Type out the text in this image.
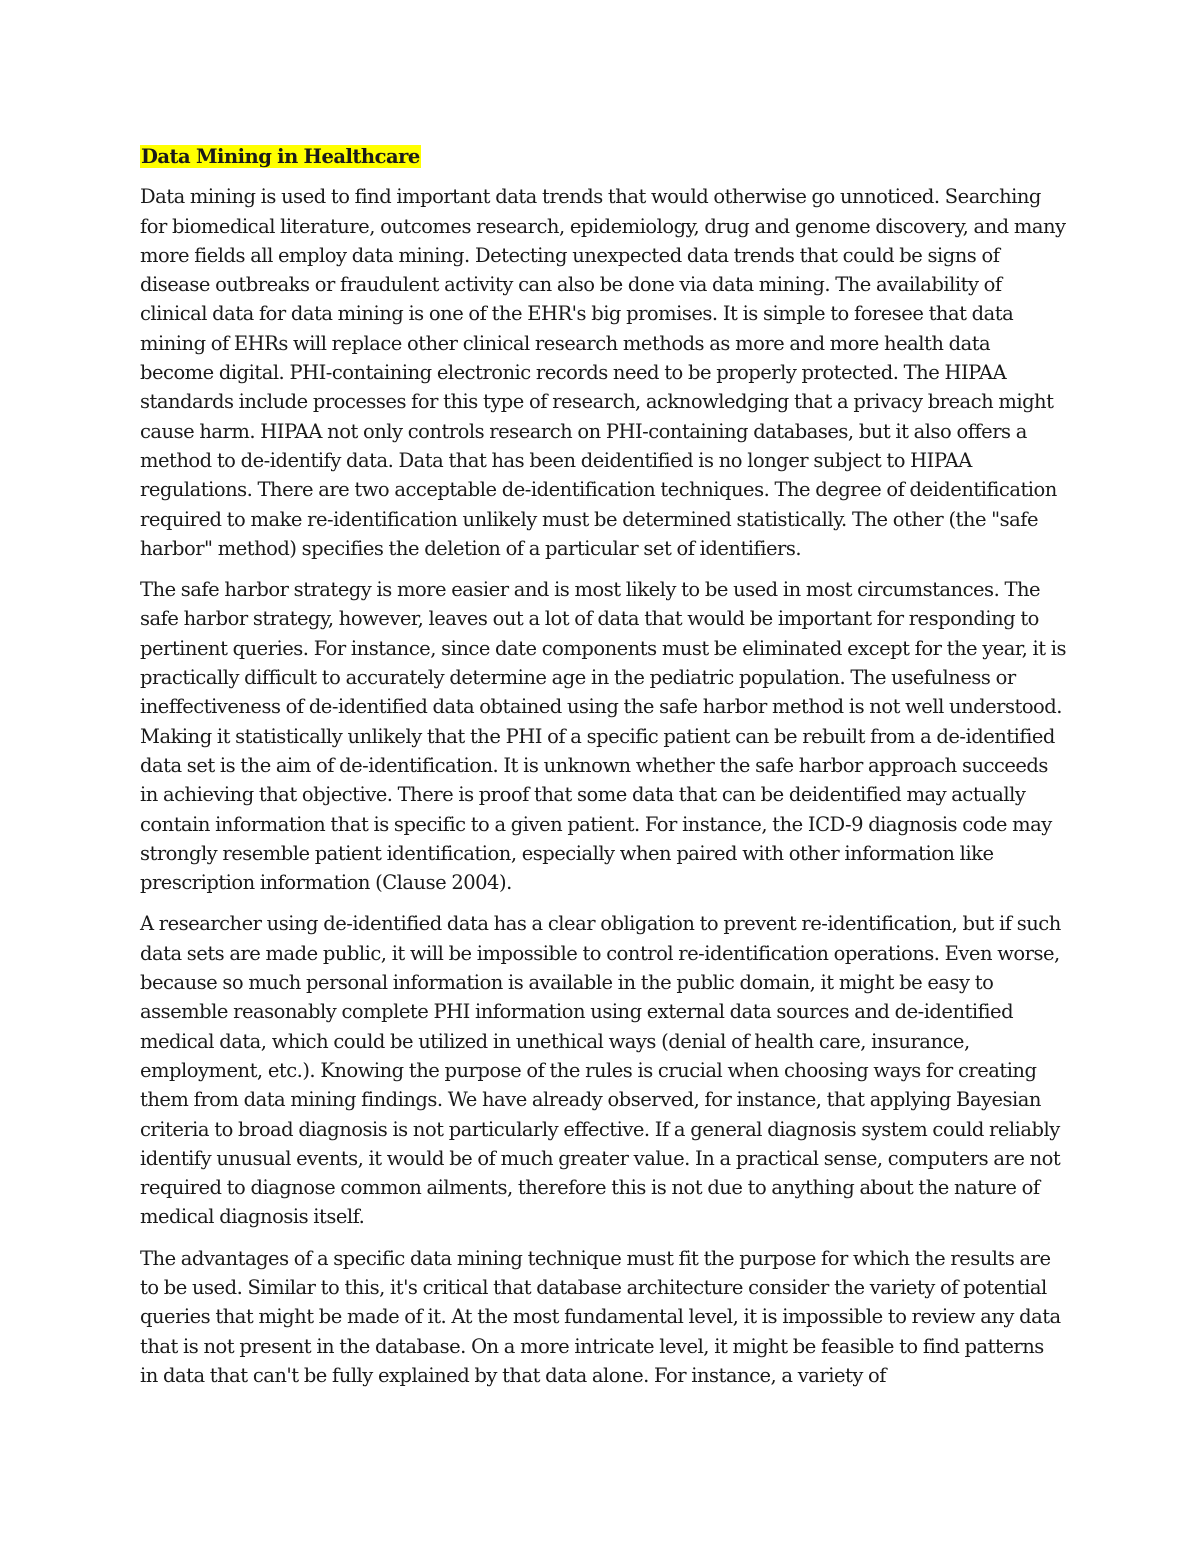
Data Mining in Healthcare

Data mining is used to find important data trends that would otherwise go unnoticed. Searching for biomedical literature, outcomes research, epidemiology, drug and genome discovery, and many more fields all employ data mining. Detecting unexpected data trends that could be signs of disease outbreaks or fraudulent activity can also be done via data mining. The availability of clinical data for data mining is one of the EHR's big promises. It is simple to foresee that data mining of EHRs will replace other clinical research methods as more and more health data become digital. PHI-containing electronic records need to be properly protected. The HIPAA standards include processes for this type of research, acknowledging that a privacy breach might cause harm. HIPAA not only controls research on PHI-containing databases, but it also offers a method to de-identify data. Data that has been deidentified is no longer subject to HIPAA regulations. There are two acceptable de-identification techniques. The degree of deidentification required to make re-identification unlikely must be determined statistically. The other (the "safe harbor" method) specifies the deletion of a particular set of identifiers.

The safe harbor strategy is more easier and is most likely to be used in most circumstances. The safe harbor strategy, however, leaves out a lot of data that would be important for responding to pertinent queries. For instance, since date components must be eliminated except for the year, it is practically difficult to accurately determine age in the pediatric population. The usefulness or ineffectiveness of de-identified data obtained using the safe harbor method is not well understood. Making it statistically unlikely that the PHI of a specific patient can be rebuilt from a de-identified data set is the aim of de-identification. It is unknown whether the safe harbor approach succeeds in achieving that objective. There is proof that some data that can be deidentified may actually contain information that is specific to a given patient. For instance, the ICD-9 diagnosis code may strongly resemble patient identification, especially when paired with other information like prescription information (Clause 2004).

A researcher using de-identified data has a clear obligation to prevent re-identification, but if such data sets are made public, it will be impossible to control re-identification operations. Even worse, because so much personal information is available in the public domain, it might be easy to assemble reasonably complete PHI information using external data sources and de-identified medical data, which could be utilized in unethical ways (denial of health care, insurance, employment, etc.). Knowing the purpose of the rules is crucial when choosing ways for creating them from data mining findings. We have already observed, for instance, that applying Bayesian criteria to broad diagnosis is not particularly effective. If a general diagnosis system could reliably identify unusual events, it would be of much greater value. In a practical sense, computers are not required to diagnose common ailments, therefore this is not due to anything about the nature of medical diagnosis itself.

The advantages of a specific data mining technique must fit the purpose for which the results are to be used. Similar to this, it's critical that database architecture consider the variety of potential queries that might be made of it. At the most fundamental level, it is impossible to review any data that is not present in the database. On a more intricate level, it might be feasible to find patterns in data that can't be fully explained by that data alone. For instance, a variety of
